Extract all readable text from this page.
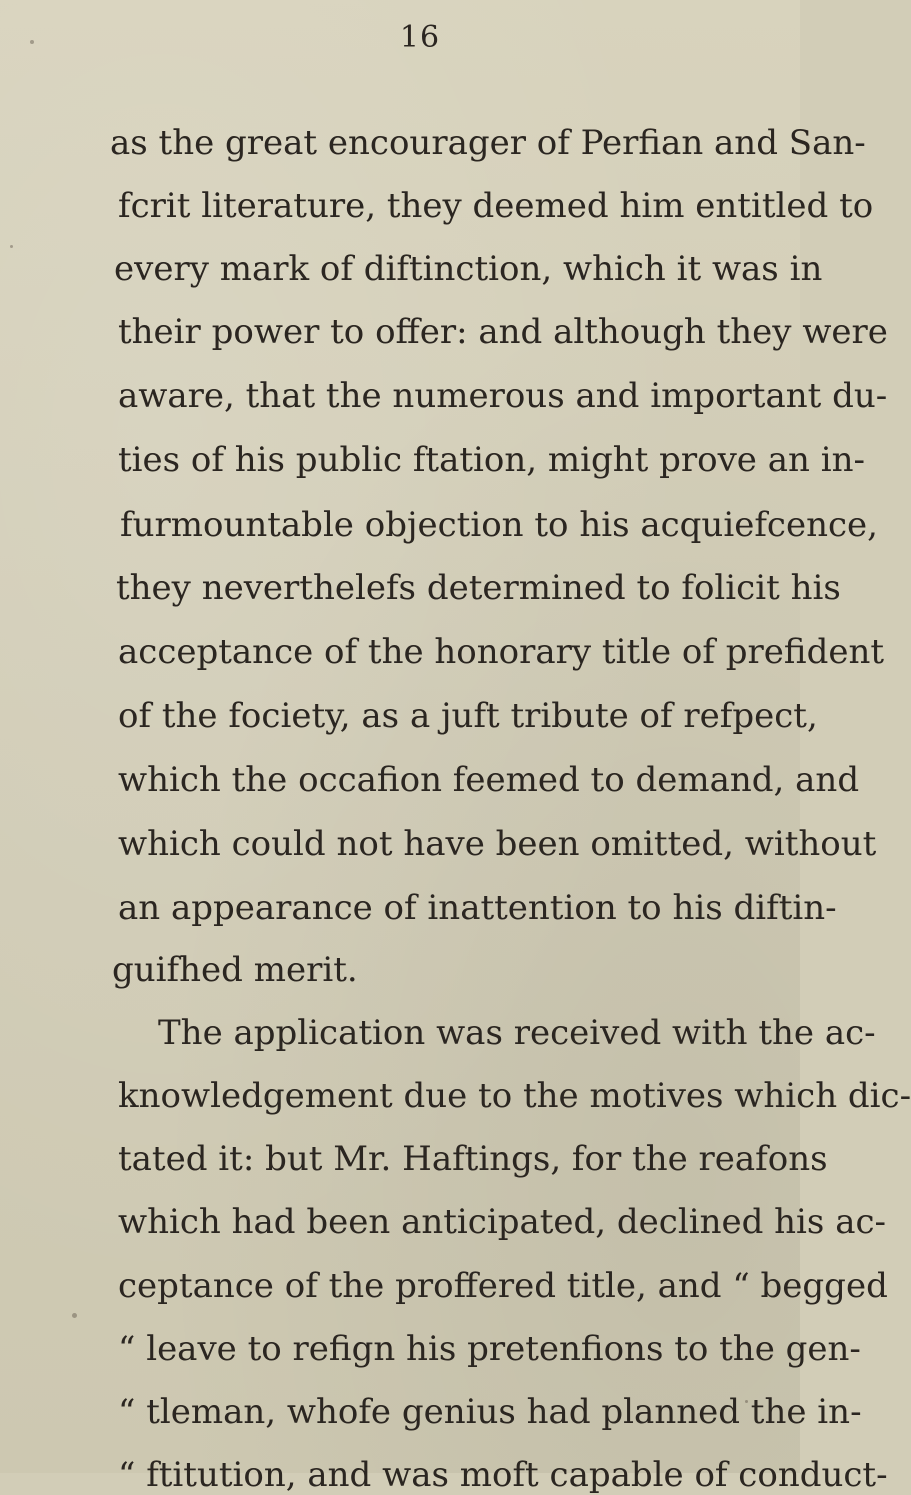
16
as the great encourager of Perfian and San-
fcrit literature, they deemed him entitled to
every mark of diftinction, which it was in
their power to offer: and although they were
aware, that the numerous and important du-
ties of his public ftation, might prove an in-
furmountable objection to his acquiefcence,
they neverthelefs determined to folicit his
acceptance of the honorary title of prefident
of the fociety, as a juft tribute of refpect,
which the occafion feemed to demand, and
which could not have been omitted, without
an appearance of inattention to his diftin-
guifhed merit.
The application was received with the ac-
knowledgement due to the motives which dic-
tated it: but Mr. Haftings, for the reafons
which had been anticipated, declined his ac-
ceptance of the proffered title, and “ begged
“ leave to refign his pretenfions to the gen-
“ tleman, whofe genius had planned the in-
“ ftitution, and was moft capable of conduct-
